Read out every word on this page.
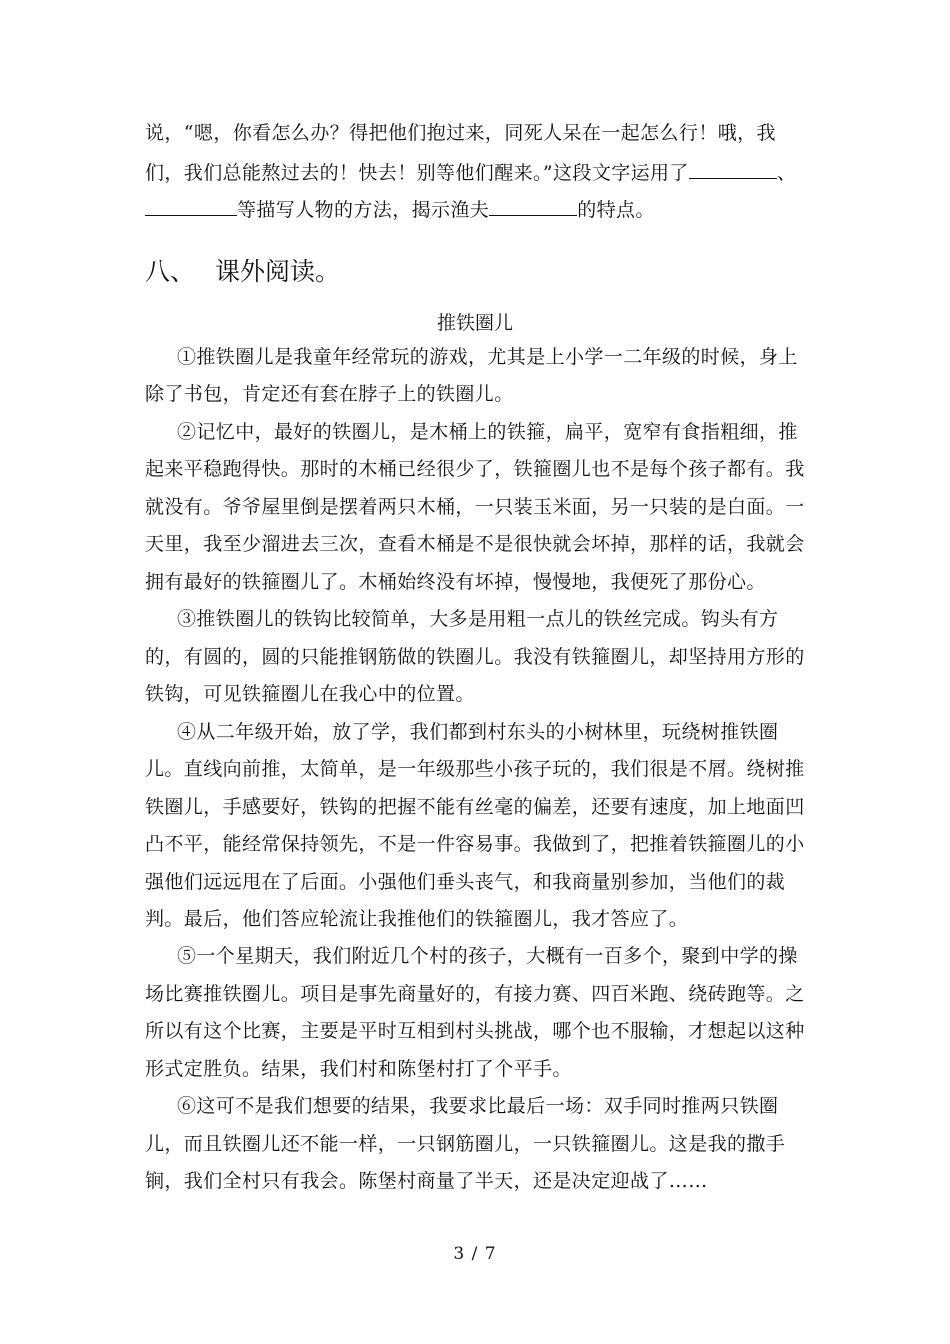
说，“嗯，你看怎么办？得把他们抱过来，同死人呆在一起怎么行！哦，我
们，我们总能熬过去的！快去！别等他们醒来。”这段文字运用了	、
等描写人物的方法，揭示渔夫	的特点。
八、 课外阅读。
推铁圈儿
①推铁圈儿是我童年经常玩的游戏，尤其是上小学一二年级的时候，身上
除了书包，肯定还有套在脖子上的铁圈儿。
②记忆中，最好的铁圈儿，是木桶上的铁箍，扁平，宽窄有食指粗细，推
起来平稳跑得快。那时的木桶已经很少了，铁箍圈儿也不是每个孩子都有。我
就没有。爷爷屋里倒是摆着两只木桶，一只装玉米面，另一只装的是白面。一
天里，我至少溜进去三次，查看木桶是不是很快就会坏掉，那样的话，我就会
拥有最好的铁箍圈儿了。木桶始终没有坏掉，慢慢地，我便死了那份心。
③推铁圈儿的铁钩比较简单，大多是用粗一点儿的铁丝完成。钩头有方
的，有圆的，圆的只能推钢筋做的铁圈儿。我没有铁箍圈儿，却坚持用方形的
铁钩，可见铁箍圈儿在我心中的位置。
④从二年级开始，放了学，我们都到村东头的小树林里，玩绕树推铁圈
儿。直线向前推，太简单，是一年级那些小孩子玩的，我们很是不屑。绕树推
铁圈儿，手感要好，铁钩的把握不能有丝毫的偏差，还要有速度，加上地面凹
凸不平，能经常保持领先，不是一件容易事。我做到了，把推着铁箍圈儿的小
强他们远远甩在了后面。小强他们垂头丧气，和我商量别参加，当他们的裁
判。最后，他们答应轮流让我推他们的铁箍圈儿，我才答应了。
⑤一个星期天，我们附近几个村的孩子，大概有一百多个，聚到中学的操
场比赛推铁圈儿。项目是事先商量好的，有接力赛、四百米跑、绕砖跑等。之
所以有这个比赛，主要是平时互相到村头挑战，哪个也不服输，才想起以这种
形式定胜负。结果，我们村和陈堡村打了个平手。
⑥这可不是我们想要的结果，我要求比最后一场：双手同时推两只铁圈
儿，而且铁圈儿还不能一样，一只钢筋圈儿，一只铁箍圈儿。这是我的撒手
锏，我们全村只有我会。陈堡村商量了半天，还是决定迎战了……
3 / 7
